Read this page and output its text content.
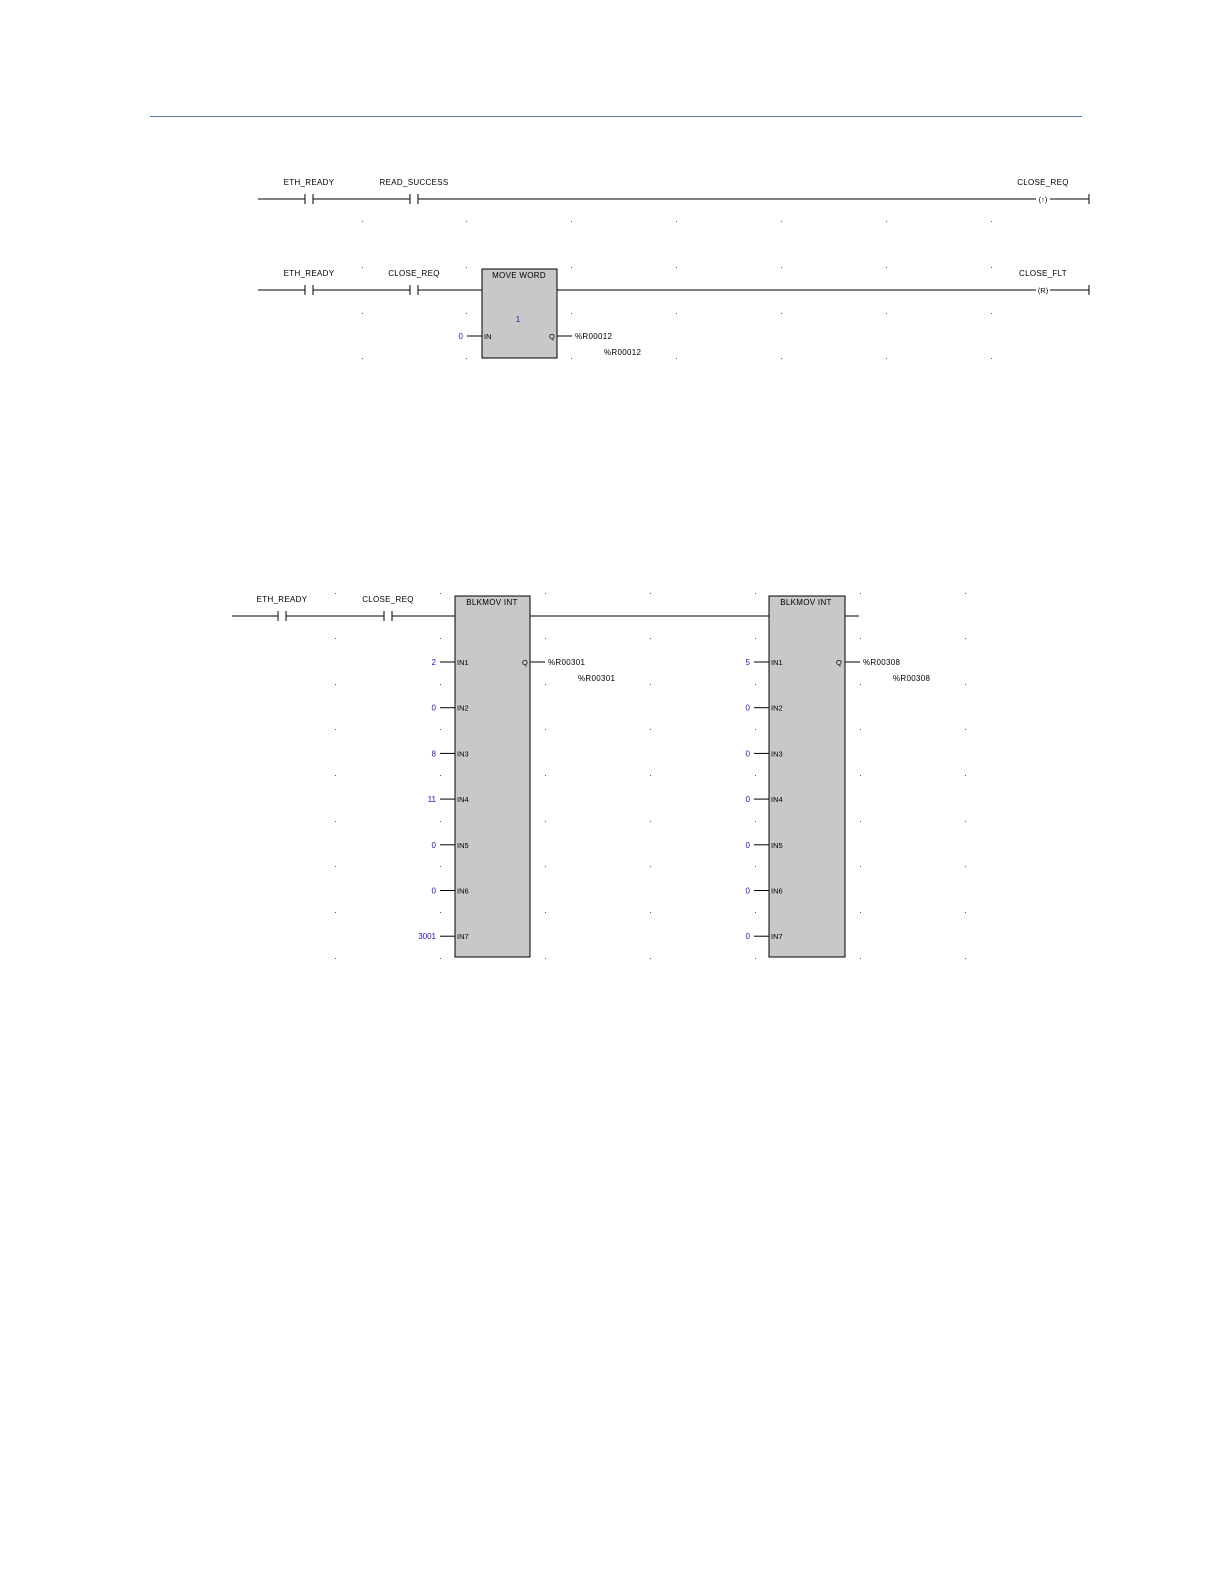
ETH_READY	READ_SUCCESS	CLOSE_REQ
(↑)
ETH_READY	CLOSE_REQ	CLOSE_FLT
(R)
MOVE WORD
1
0	IN	Q	%R00012
%R00012
ETH_READY	CLOSE_REQ	BLKMOV INT	BLKMOV INT
Q	Q
%R00301
%R00301
%R00308
%R00308
2	IN1
0	IN2
8	IN3
11	IN4
0	IN5
0	IN6
3001	IN7
5	IN1
0	IN2
0	IN3
0	IN4
0	IN5
0	IN6
0	IN7
